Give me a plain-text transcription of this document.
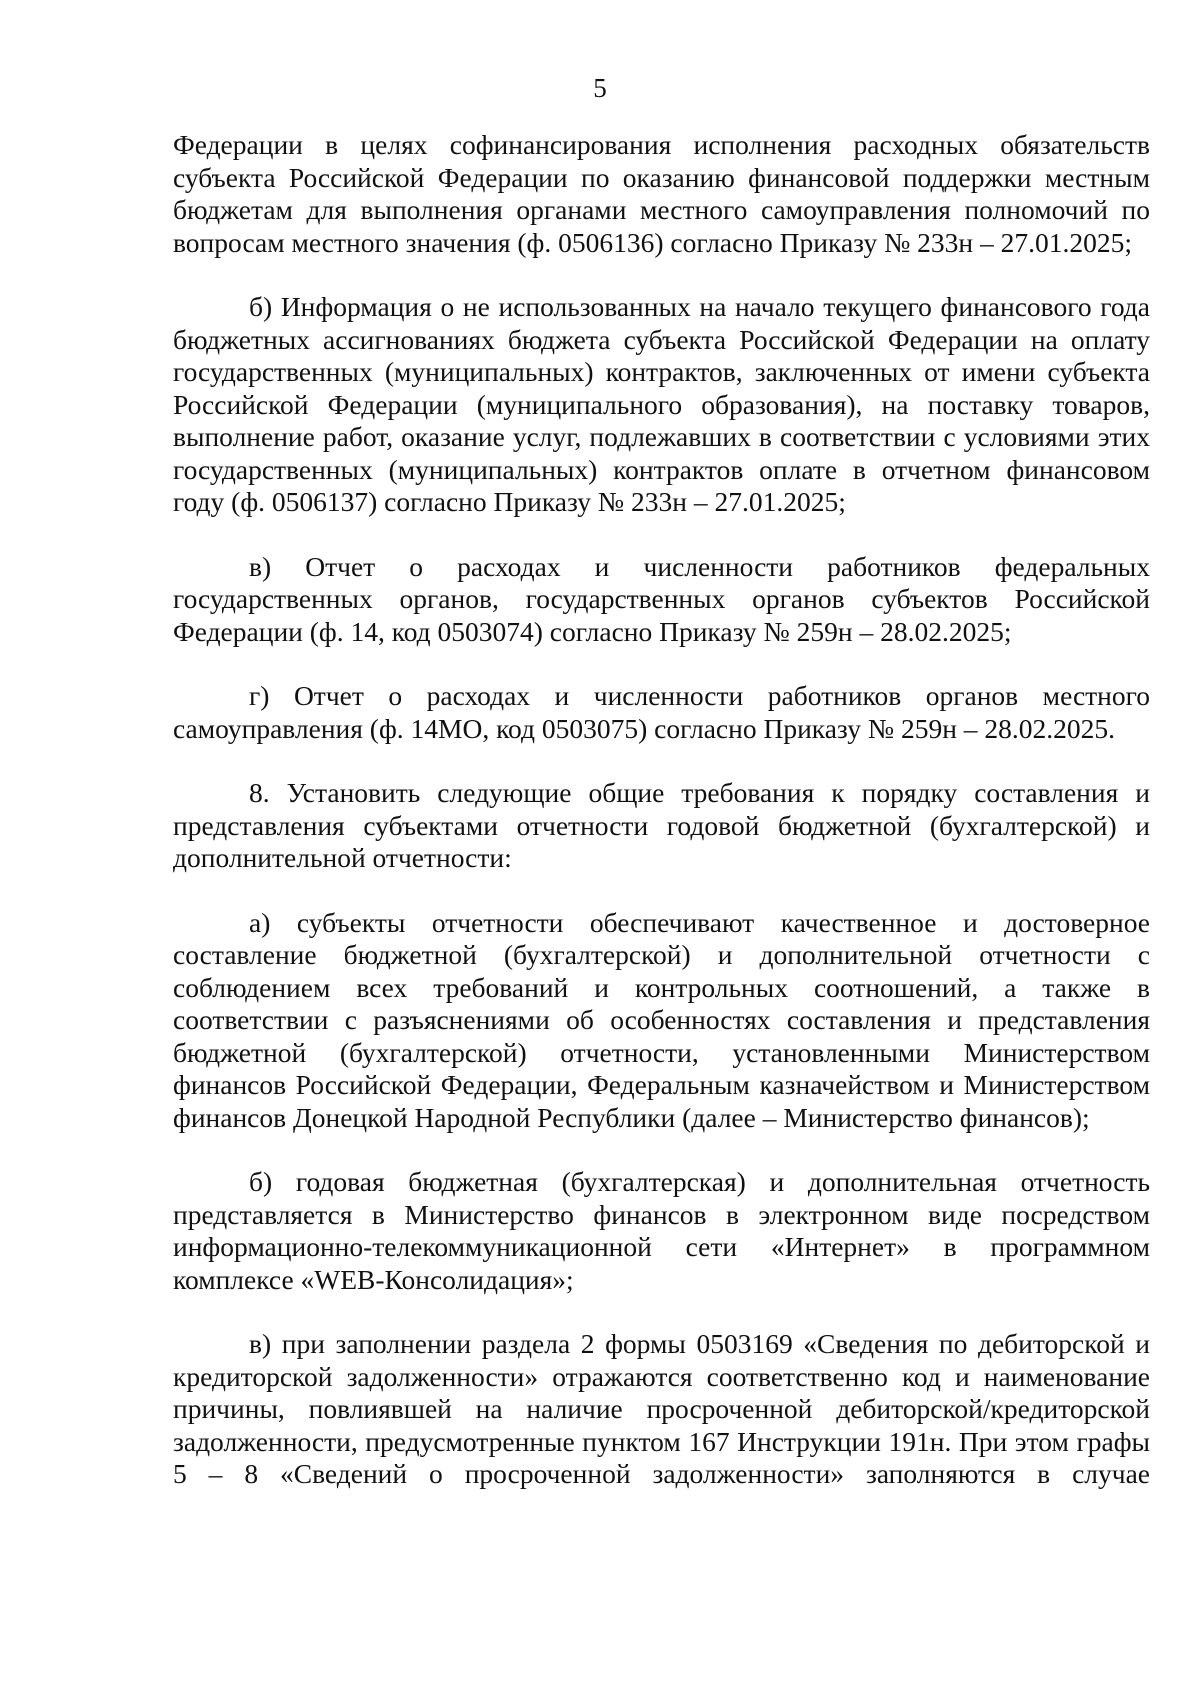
5

Федерации в целях софинансирования исполнения расходных обязательств субъекта Российской Федерации по оказанию финансовой поддержки местным бюджетам для выполнения органами местного самоуправления полномочий по вопросам местного значения (ф. 0506136) согласно Приказу № 233н – 27.01.2025;

б) Информация о не использованных на начало текущего финансового года бюджетных ассигнованиях бюджета субъекта Российской Федерации на оплату государственных (муниципальных) контрактов, заключенных от имени субъекта Российской Федерации (муниципального образования), на поставку товаров, выполнение работ, оказание услуг, подлежавших в соответствии с условиями этих государственных (муниципальных) контрактов оплате в отчетном финансовом году (ф. 0506137) согласно Приказу № 233н – 27.01.2025;

в) Отчет о расходах и численности работников федеральных государственных органов, государственных органов субъектов Российской Федерации (ф. 14, код 0503074) согласно Приказу № 259н – 28.02.2025;

г) Отчет о расходах и численности работников органов местного самоуправления (ф. 14МО, код 0503075) согласно Приказу № 259н – 28.02.2025.

8. Установить следующие общие требования к порядку составления и представления субъектами отчетности годовой бюджетной (бухгалтерской) и дополнительной отчетности:

а) субъекты отчетности обеспечивают качественное и достоверное составление бюджетной (бухгалтерской) и дополнительной отчетности с соблюдением всех требований и контрольных соотношений, а также в соответствии с разъяснениями об особенностях составления и представления бюджетной (бухгалтерской) отчетности, установленными Министерством финансов Российской Федерации, Федеральным казначейством и Министерством финансов Донецкой Народной Республики (далее – Министерство финансов);

б) годовая бюджетная (бухгалтерская) и дополнительная отчетность представляется в Министерство финансов в электронном виде посредством информационно-телекоммуникационной сети «Интернет» в программном комплексе «WEB-Консолидация»;

в) при заполнении раздела 2 формы 0503169 «Сведения по дебиторской и кредиторской задолженности» отражаются соответственно код и наименование причины, повлиявшей на наличие просроченной дебиторской/кредиторской задолженности, предусмотренные пунктом 167 Инструкции 191н. При этом графы 5 – 8 «Сведений о просроченной задолженности» заполняются в случае
